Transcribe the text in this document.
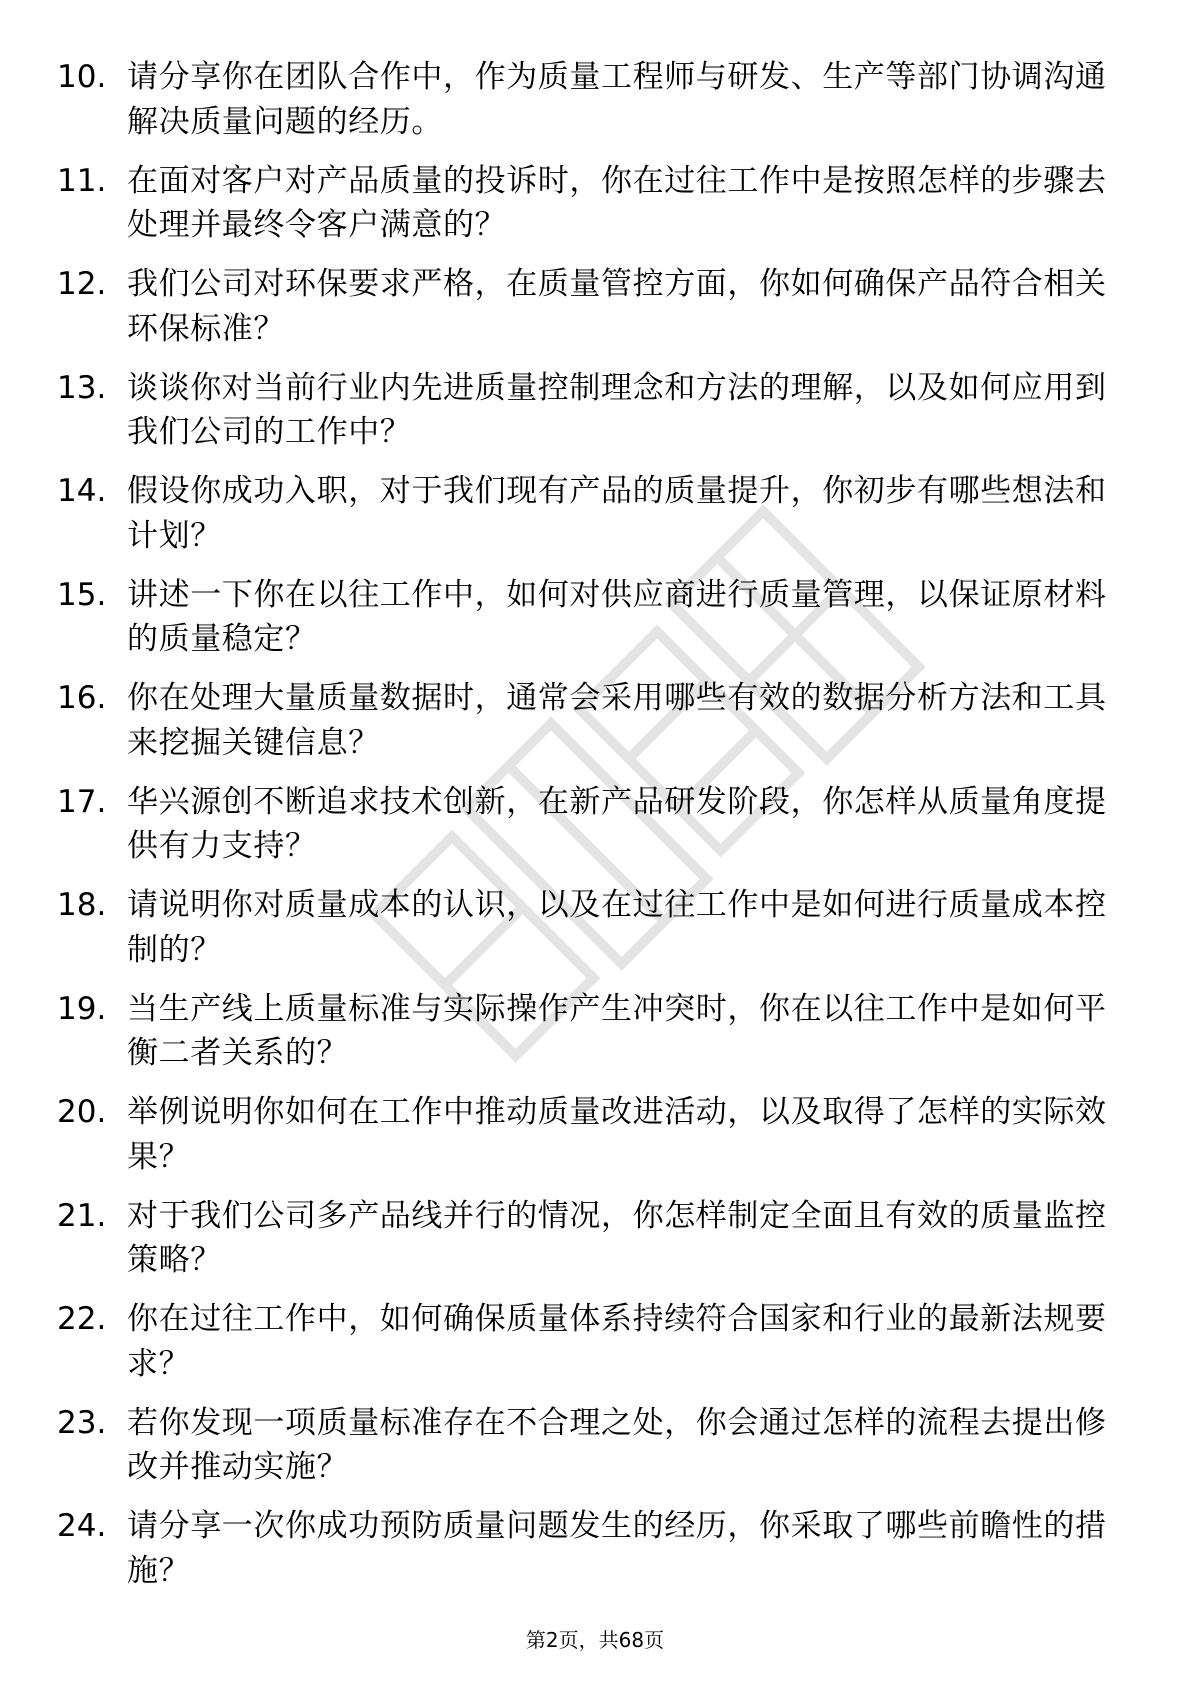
10. 请分享你在团队合作中，作为质量工程师与研发、生产等部门协调沟通解决质量问题的经历。
11. 在面对客户对产品质量的投诉时，你在过往工作中是按照怎样的步骤去处理并最终令客户满意的？
12. 我们公司对环保要求严格，在质量管控方面，你如何确保产品符合相关环保标准？
13. 谈谈你对当前行业内先进质量控制理念和方法的理解，以及如何应用到我们公司的工作中？
14. 假设你成功入职，对于我们现有产品的质量提升，你初步有哪些想法和计划？
15. 讲述一下你在以往工作中，如何对供应商进行质量管理，以保证原材料的质量稳定？
16. 你在处理大量质量数据时，通常会采用哪些有效的数据分析方法和工具来挖掘关键信息？
17. 华兴源创不断追求技术创新，在新产品研发阶段，你怎样从质量角度提供有力支持？
18. 请说明你对质量成本的认识，以及在过往工作中是如何进行质量成本控制的？
19. 当生产线上质量标准与实际操作产生冲突时，你在以往工作中是如何平衡二者关系的？
20. 举例说明你如何在工作中推动质量改进活动，以及取得了怎样的实际效果？
21. 对于我们公司多产品线并行的情况，你怎样制定全面且有效的质量监控策略？
22. 你在过往工作中，如何确保质量体系持续符合国家和行业的最新法规要求？
23. 若你发现一项质量标准存在不合理之处，你会通过怎样的流程去提出修改并推动实施？
24. 请分享一次你成功预防质量问题发生的经历，你采取了哪些前瞻性的措施？
第2页，共68页
